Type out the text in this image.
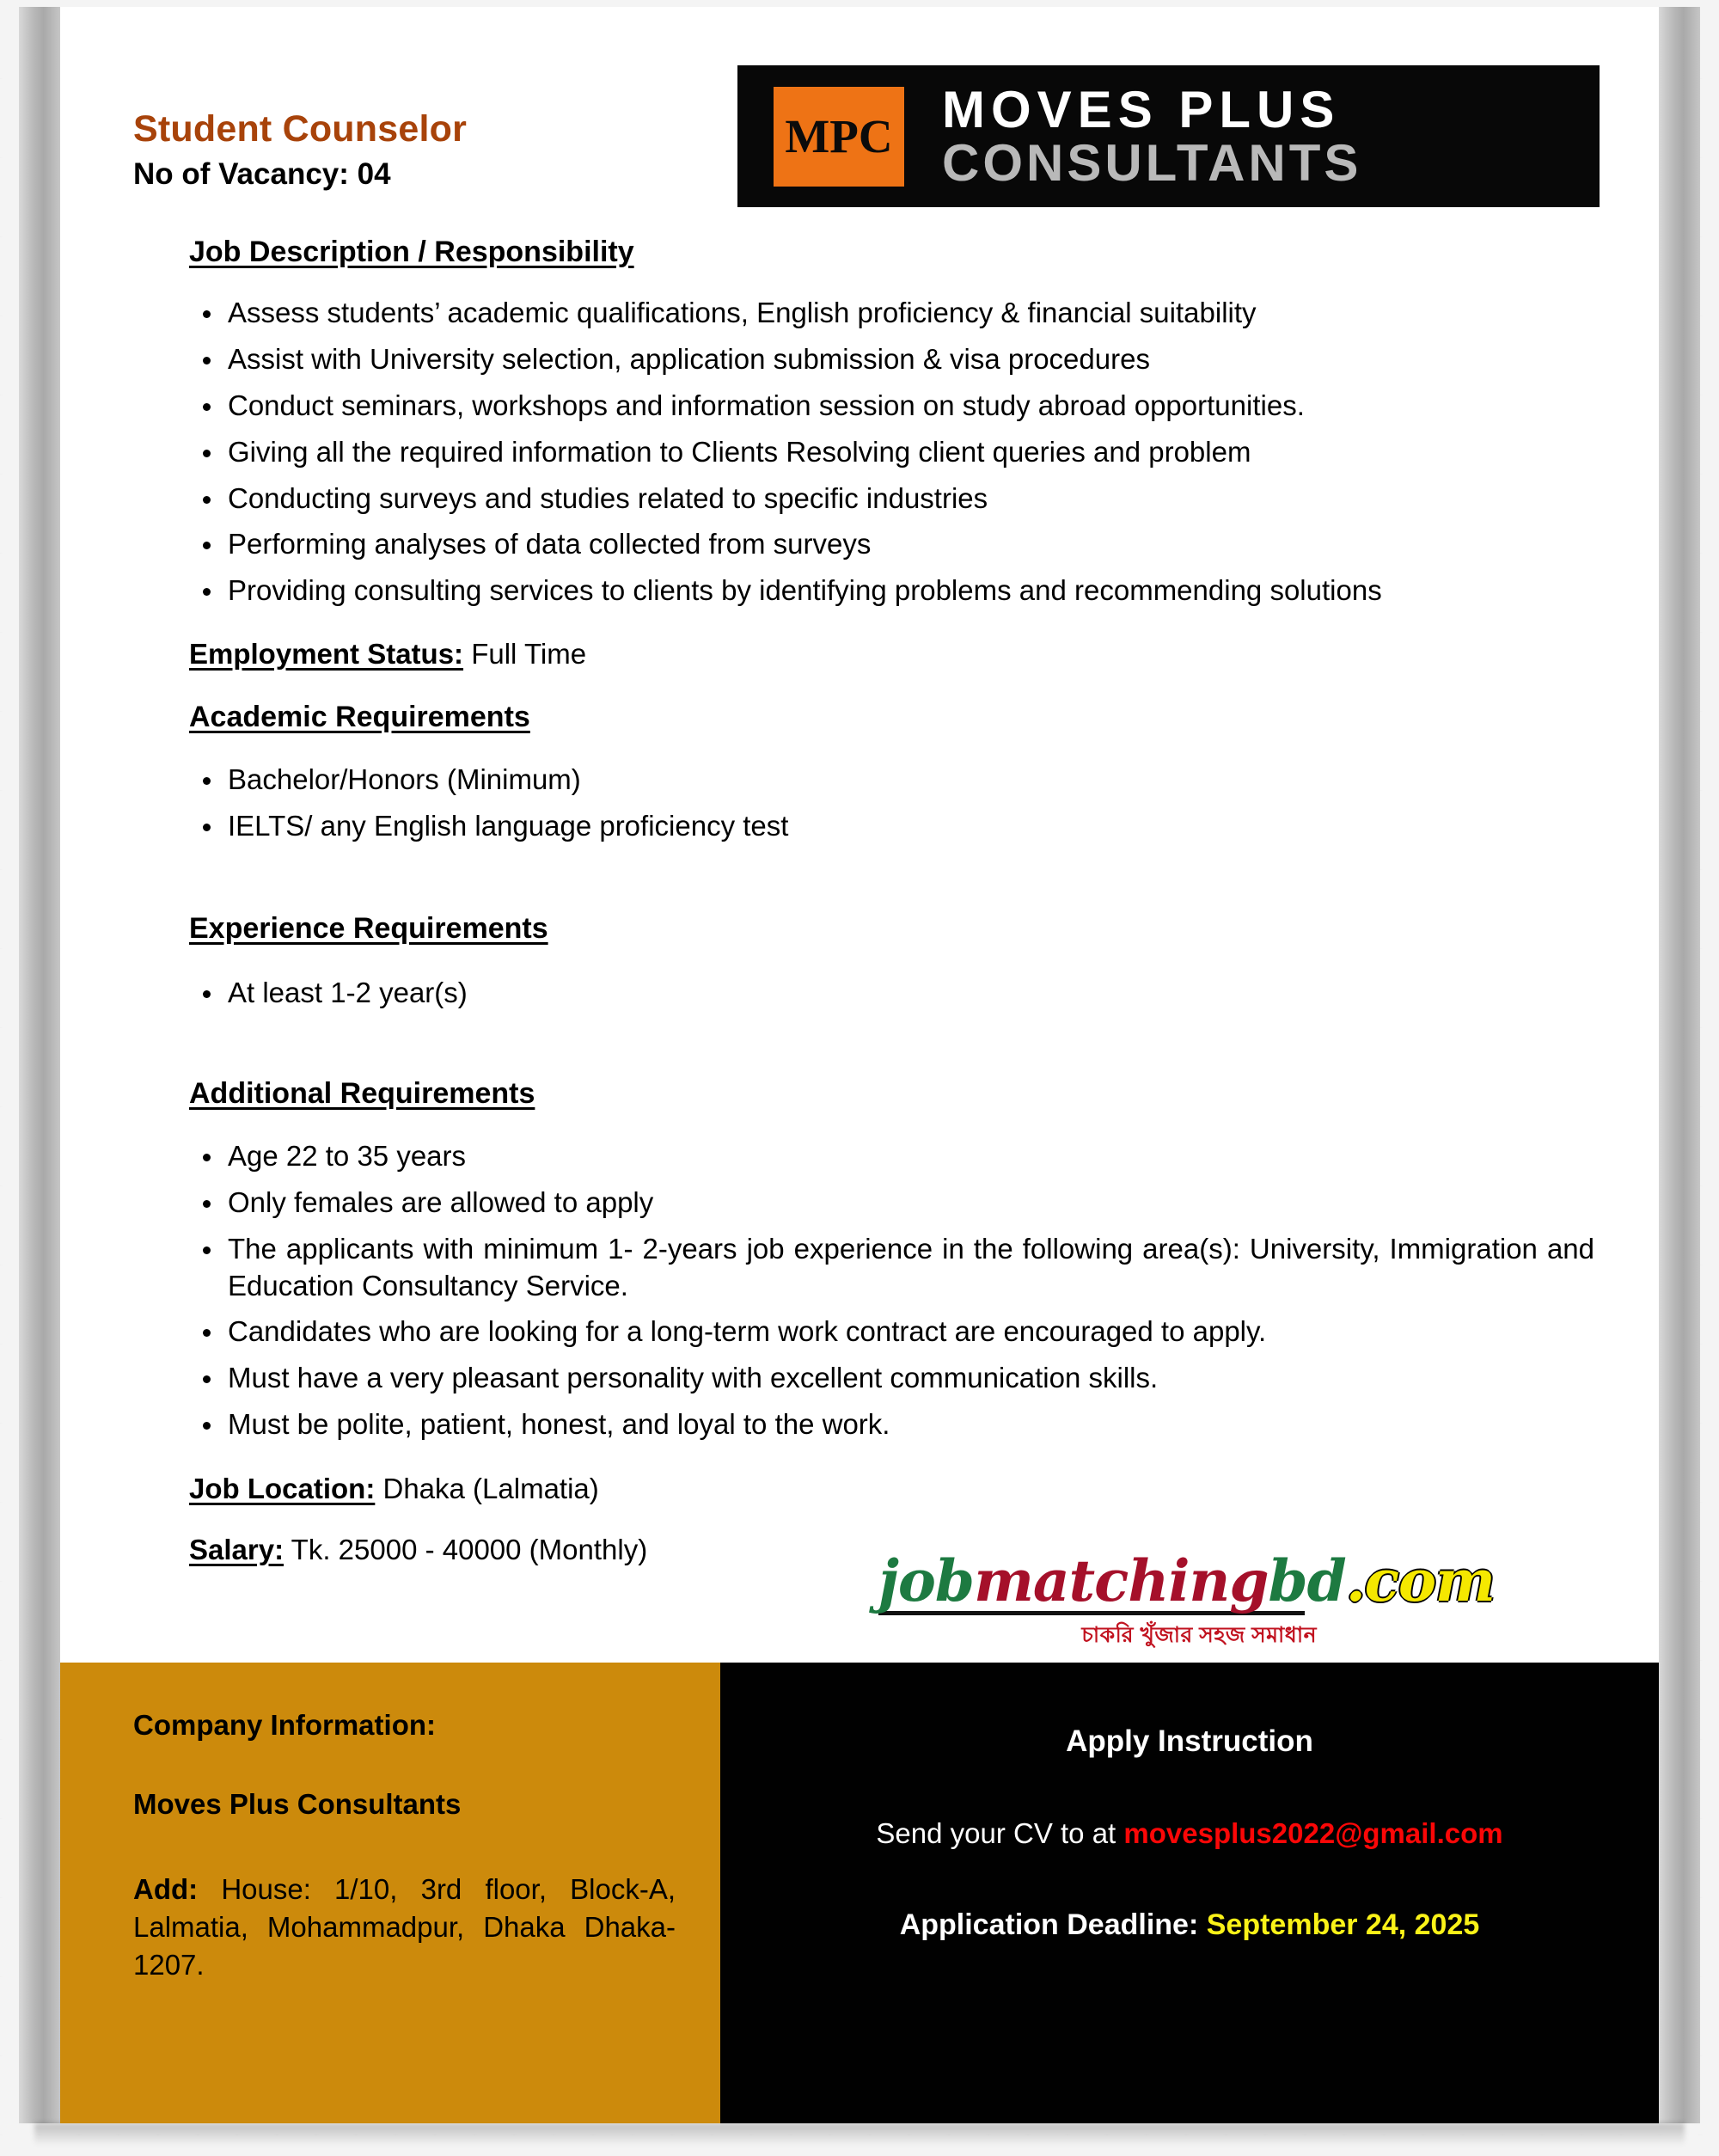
Student Counselor
No of Vacancy: 04
MPC MOVES PLUS
CONSULTANTS
Job Description / Responsibility
Assess students’ academic qualifications, English proficiency & financial suitability
Assist with University selection, application submission & visa procedures
Conduct seminars, workshops and information session on study abroad opportunities.
Giving all the required information to Clients Resolving client queries and problem
Conducting surveys and studies related to specific industries
Performing analyses of data collected from surveys
Providing consulting services to clients by identifying problems and recommending solutions
Employment Status: Full Time
Academic Requirements
Bachelor/Honors (Minimum)
IELTS/ any English language proficiency test
Experience Requirements
At least 1-2 year(s)
Additional Requirements
Age 22 to 35 years
Only females are allowed to apply
The applicants with minimum 1- 2-years job experience in the following area(s): University, Immigration and Education Consultancy Service.
Candidates who are looking for a long-term work contract are encouraged to apply.
Must have a very pleasant personality with excellent communication skills.
Must be polite, patient, honest, and loyal to the work.
Job Location: Dhaka (Lalmatia)
Salary: Tk. 25000 - 40000 (Monthly)	jobmatchingbd.com
চাকরি খুঁজার সহজ সমাধান
Company Information:
Moves Plus Consultants
Add: House: 1/10, 3rd floor, Block-A, Lalmatia, Mohammadpur, Dhaka Dhaka-1207.
Apply Instruction
Send your CV to at movesplus2022@gmail.com
Application Deadline: September 24, 2025
